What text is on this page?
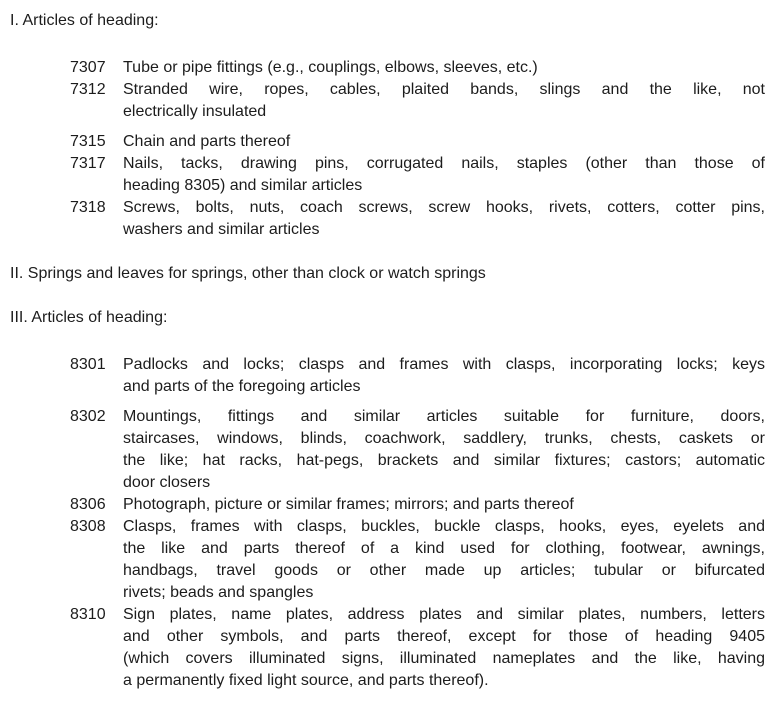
I. Articles of heading:
7307	Tube or pipe fittings (e.g., couplings, elbows, sleeves, etc.)
7312	Stranded wire, ropes, cables, plaited bands, slings and the like, not
electrically insulated
7315	Chain and parts thereof
7317	Nails, tacks, drawing pins, corrugated nails, staples (other than those of
heading 8305) and similar articles
7318	Screws, bolts, nuts, coach screws, screw hooks, rivets, cotters, cotter pins,
washers and similar articles
II. Springs and leaves for springs, other than clock or watch springs
III. Articles of heading:
8301	Padlocks and locks; clasps and frames with clasps, incorporating locks; keys
and parts of the foregoing articles
8302	Mountings, fittings and similar articles suitable for furniture, doors,
staircases, windows, blinds, coachwork, saddlery, trunks, chests, caskets or
the like; hat racks, hat-pegs, brackets and similar fixtures; castors; automatic
door closers
8306	Photograph, picture or similar frames; mirrors; and parts thereof
8308	Clasps, frames with clasps, buckles, buckle clasps, hooks, eyes, eyelets and
the like and parts thereof of a kind used for clothing, footwear, awnings,
handbags, travel goods or other made up articles; tubular or bifurcated
rivets; beads and spangles
8310	Sign plates, name plates, address plates and similar plates, numbers, letters
and other symbols, and parts thereof, except for those of heading 9405
(which covers illuminated signs, illuminated nameplates and the like, having
a permanently fixed light source, and parts thereof).
